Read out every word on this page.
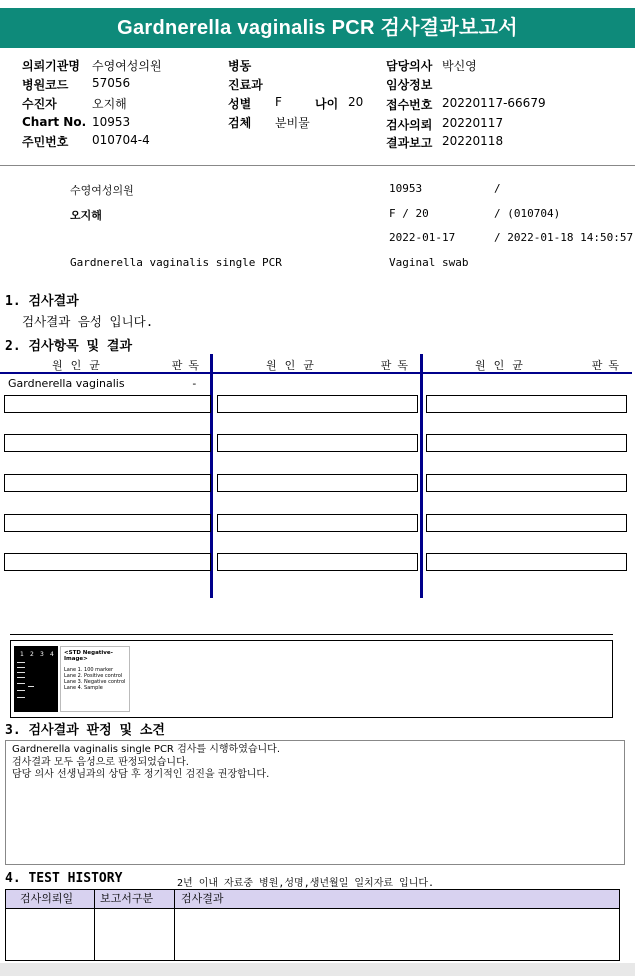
Gardnerella vaginalis PCR 검사결과보고서
의뢰기관명 수영여성의원
병원코드 57056
수진자	오지해
Chart No. 10953
주민번호 010704-4
병동
진료과
성별 F	나이 20
검체 분비물
담당의사 박신영
임상정보
접수번호 20220117-66679
검사의뢰 20220117
결과보고 20220118
수영여성의원	10953	/
오지해	F / 20	/ (010704)
2022-01-17	/ 2022-01-18 14:50:57
Gardnerella vaginalis single PCR	Vaginal swab
1. 검사결과
검사결과 음성 입니다.
2. 검사항목 및 결과
원인균	판독	원인균	판독	원인균	판독
Gardnerella vaginalis	-
1 2 3 4 <STD Negative-Image>
Lane 1. 100 marker
Lane 2. Positive control
Lane 3. Negative control
Lane 4. Sample
3. 검사결과 판정 및 소견
Gardnerella vaginalis single PCR 검사를 시행하였습니다.
검사결과 모두 음성으로 판정되었습니다.
담당 의사 선생님과의 상담 후 정기적인 검진을 권장합니다.
4. TEST HISTORY	2년 이내 자료중 병원,성명,생년월일 일치자료 입니다.
검사의뢰일 보고서구분	검사결과
